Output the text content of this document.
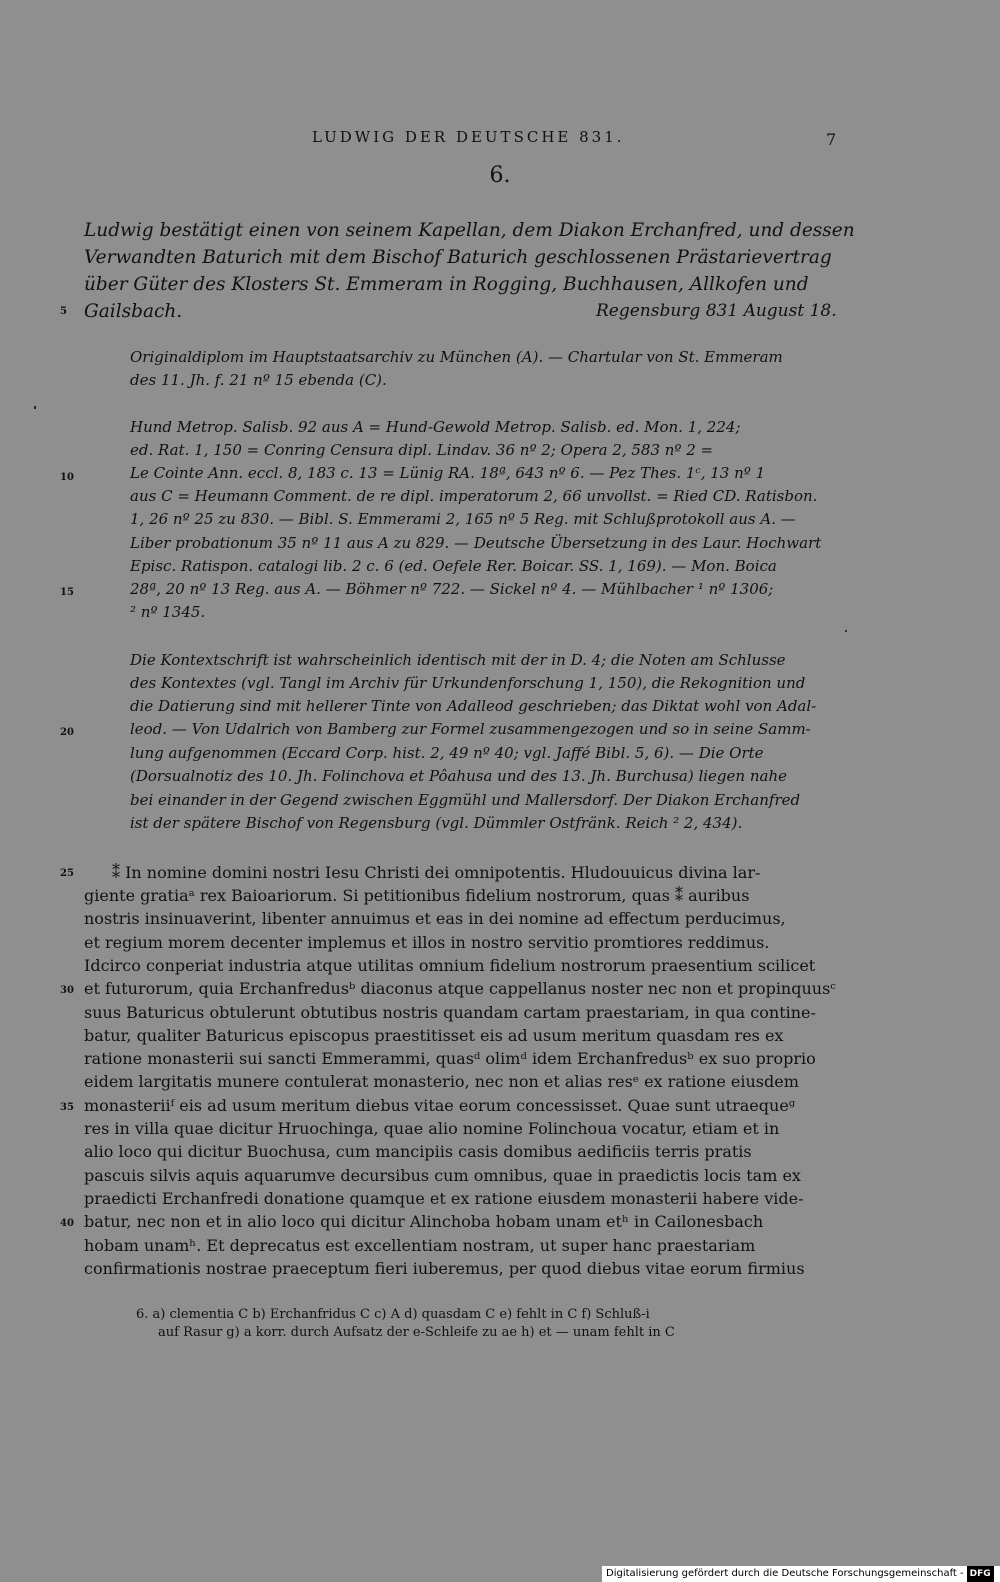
LUDWIG DER DEUTSCHE 831.	7
6.
Ludwig bestätigt einen von seinem Kapellan, dem Diakon Erchanfred, und dessen
Verwandten Baturich mit dem Bischof Baturich geschlossenen Prästarievertrag
über Güter des Klosters St. Emmeram in Rogging, Buchhausen, Allkofen und
Gailsbach.	Regensburg 831 August 18.
Originaldiplom im Hauptstaatsarchiv zu München (A). — Chartular von St. Emmeram
des 11. Jh. f. 21 nº 15 ebenda (C).
Hund Metrop. Salisb. 92 aus A = Hund-Gewold Metrop. Salisb. ed. Mon. 1, 224;
ed. Rat. 1, 150 = Conring Censura dipl. Lindav. 36 nº 2; Opera 2, 583 nº 2 =
Le Cointe Ann. eccl. 8, 183 c. 13 = Lünig RA. 18ª, 643 nº 6. — Pez Thes. 1ᶜ, 13 nº 1
aus C = Heumann Comment. de re dipl. imperatorum 2, 66 unvollst. = Ried CD. Ratisbon.
1, 26 nº 25 zu 830. — Bibl. S. Emmerami 2, 165 nº 5 Reg. mit Schlußprotokoll aus A. —
Liber probationum 35 nº 11 aus A zu 829. — Deutsche Übersetzung in des Laur. Hochwart
Episc. Ratispon. catalogi lib. 2 c. 6 (ed. Oefele Rer. Boicar. SS. 1, 169). — Mon. Boica
28ª, 20 nº 13 Reg. aus A. — Böhmer nº 722. — Sickel nº 4. — Mühlbacher ¹ nº 1306;
² nº 1345.
Die Kontextschrift ist wahrscheinlich identisch mit der in D. 4; die Noten am Schlusse
des Kontextes (vgl. Tangl im Archiv für Urkundenforschung 1, 150), die Rekognition und
die Datierung sind mit hellerer Tinte von Adalleod geschrieben; das Diktat wohl von Adal-
leod. — Von Udalrich von Bamberg zur Formel zusammengezogen und so in seine Samm-
lung aufgenommen (Eccard Corp. hist. 2, 49 nº 40; vgl. Jaffé Bibl. 5, 6). — Die Orte
(Dorsualnotiz des 10. Jh. Folinchova et Pôahusa und des 13. Jh. Burchusa) liegen nahe
bei einander in der Gegend zwischen Eggmühl und Mallersdorf. Der Diakon Erchanfred
ist der spätere Bischof von Regensburg (vgl. Dümmler Ostfränk. Reich ² 2, 434).
⁑ In nomine domini nostri Iesu Christi dei omnipotentis. Hludouuicus divina lar-
giente gratiaᵃ rex Baioariorum. Si petitionibus fidelium nostrorum, quas ⁑ auribus
nostris insinuaverint, libenter annuimus et eas in dei nomine ad effectum perducimus,
et regium morem decenter implemus et illos in nostro servitio promtiores reddimus.
Idcirco conperiat industria atque utilitas omnium fidelium nostrorum praesentium scilicet
et futurorum, quia Erchanfredusᵇ diaconus atque cappellanus noster nec non et propinquusᶜ
suus Baturicus obtulerunt obtutibus nostris quandam cartam praestariam, in qua contine-
batur, qualiter Baturicus episcopus praestitisset eis ad usum meritum quasdam res ex
ratione monasterii sui sancti Emmerammi, quasᵈ olimᵈ idem Erchanfredusᵇ ex suo proprio
eidem largitatis munere contulerat monasterio, nec non et alias resᵉ ex ratione eiusdem
monasteriiᶠ eis ad usum meritum diebus vitae eorum concessisset. Quae sunt utraequeᵍ
res in villa quae dicitur Hruochinga, quae alio nomine Folinchoua vocatur, etiam et in
alio loco qui dicitur Buochusa, cum mancipiis casis domibus aedificiis terris pratis
pascuis silvis aquis aquarumve decursibus cum omnibus, quae in praedictis locis tam ex
praedicti Erchanfredi donatione quamque et ex ratione eiusdem monasterii habere vide-
batur, nec non et in alio loco qui dicitur Alinchoba hobam unam etʰ in Cailonesbach
hobam unamʰ. Et deprecatus est excellentiam nostram, ut super hanc praestariam
confirmationis nostrae praeceptum fieri iuberemus, per quod diebus vitae eorum firmius
6. a) clementia C b) Erchanfridus C c) A d) quasdam C e) fehlt in C f) Schluß-i
auf Rasur g) a korr. durch Aufsatz der e-Schleife zu ae h) et — unam fehlt in C
5
10
15
20
25
30
35
40
Digitalisierung gefördert durch die Deutsche Forschungsgemeinschaft - DFG
